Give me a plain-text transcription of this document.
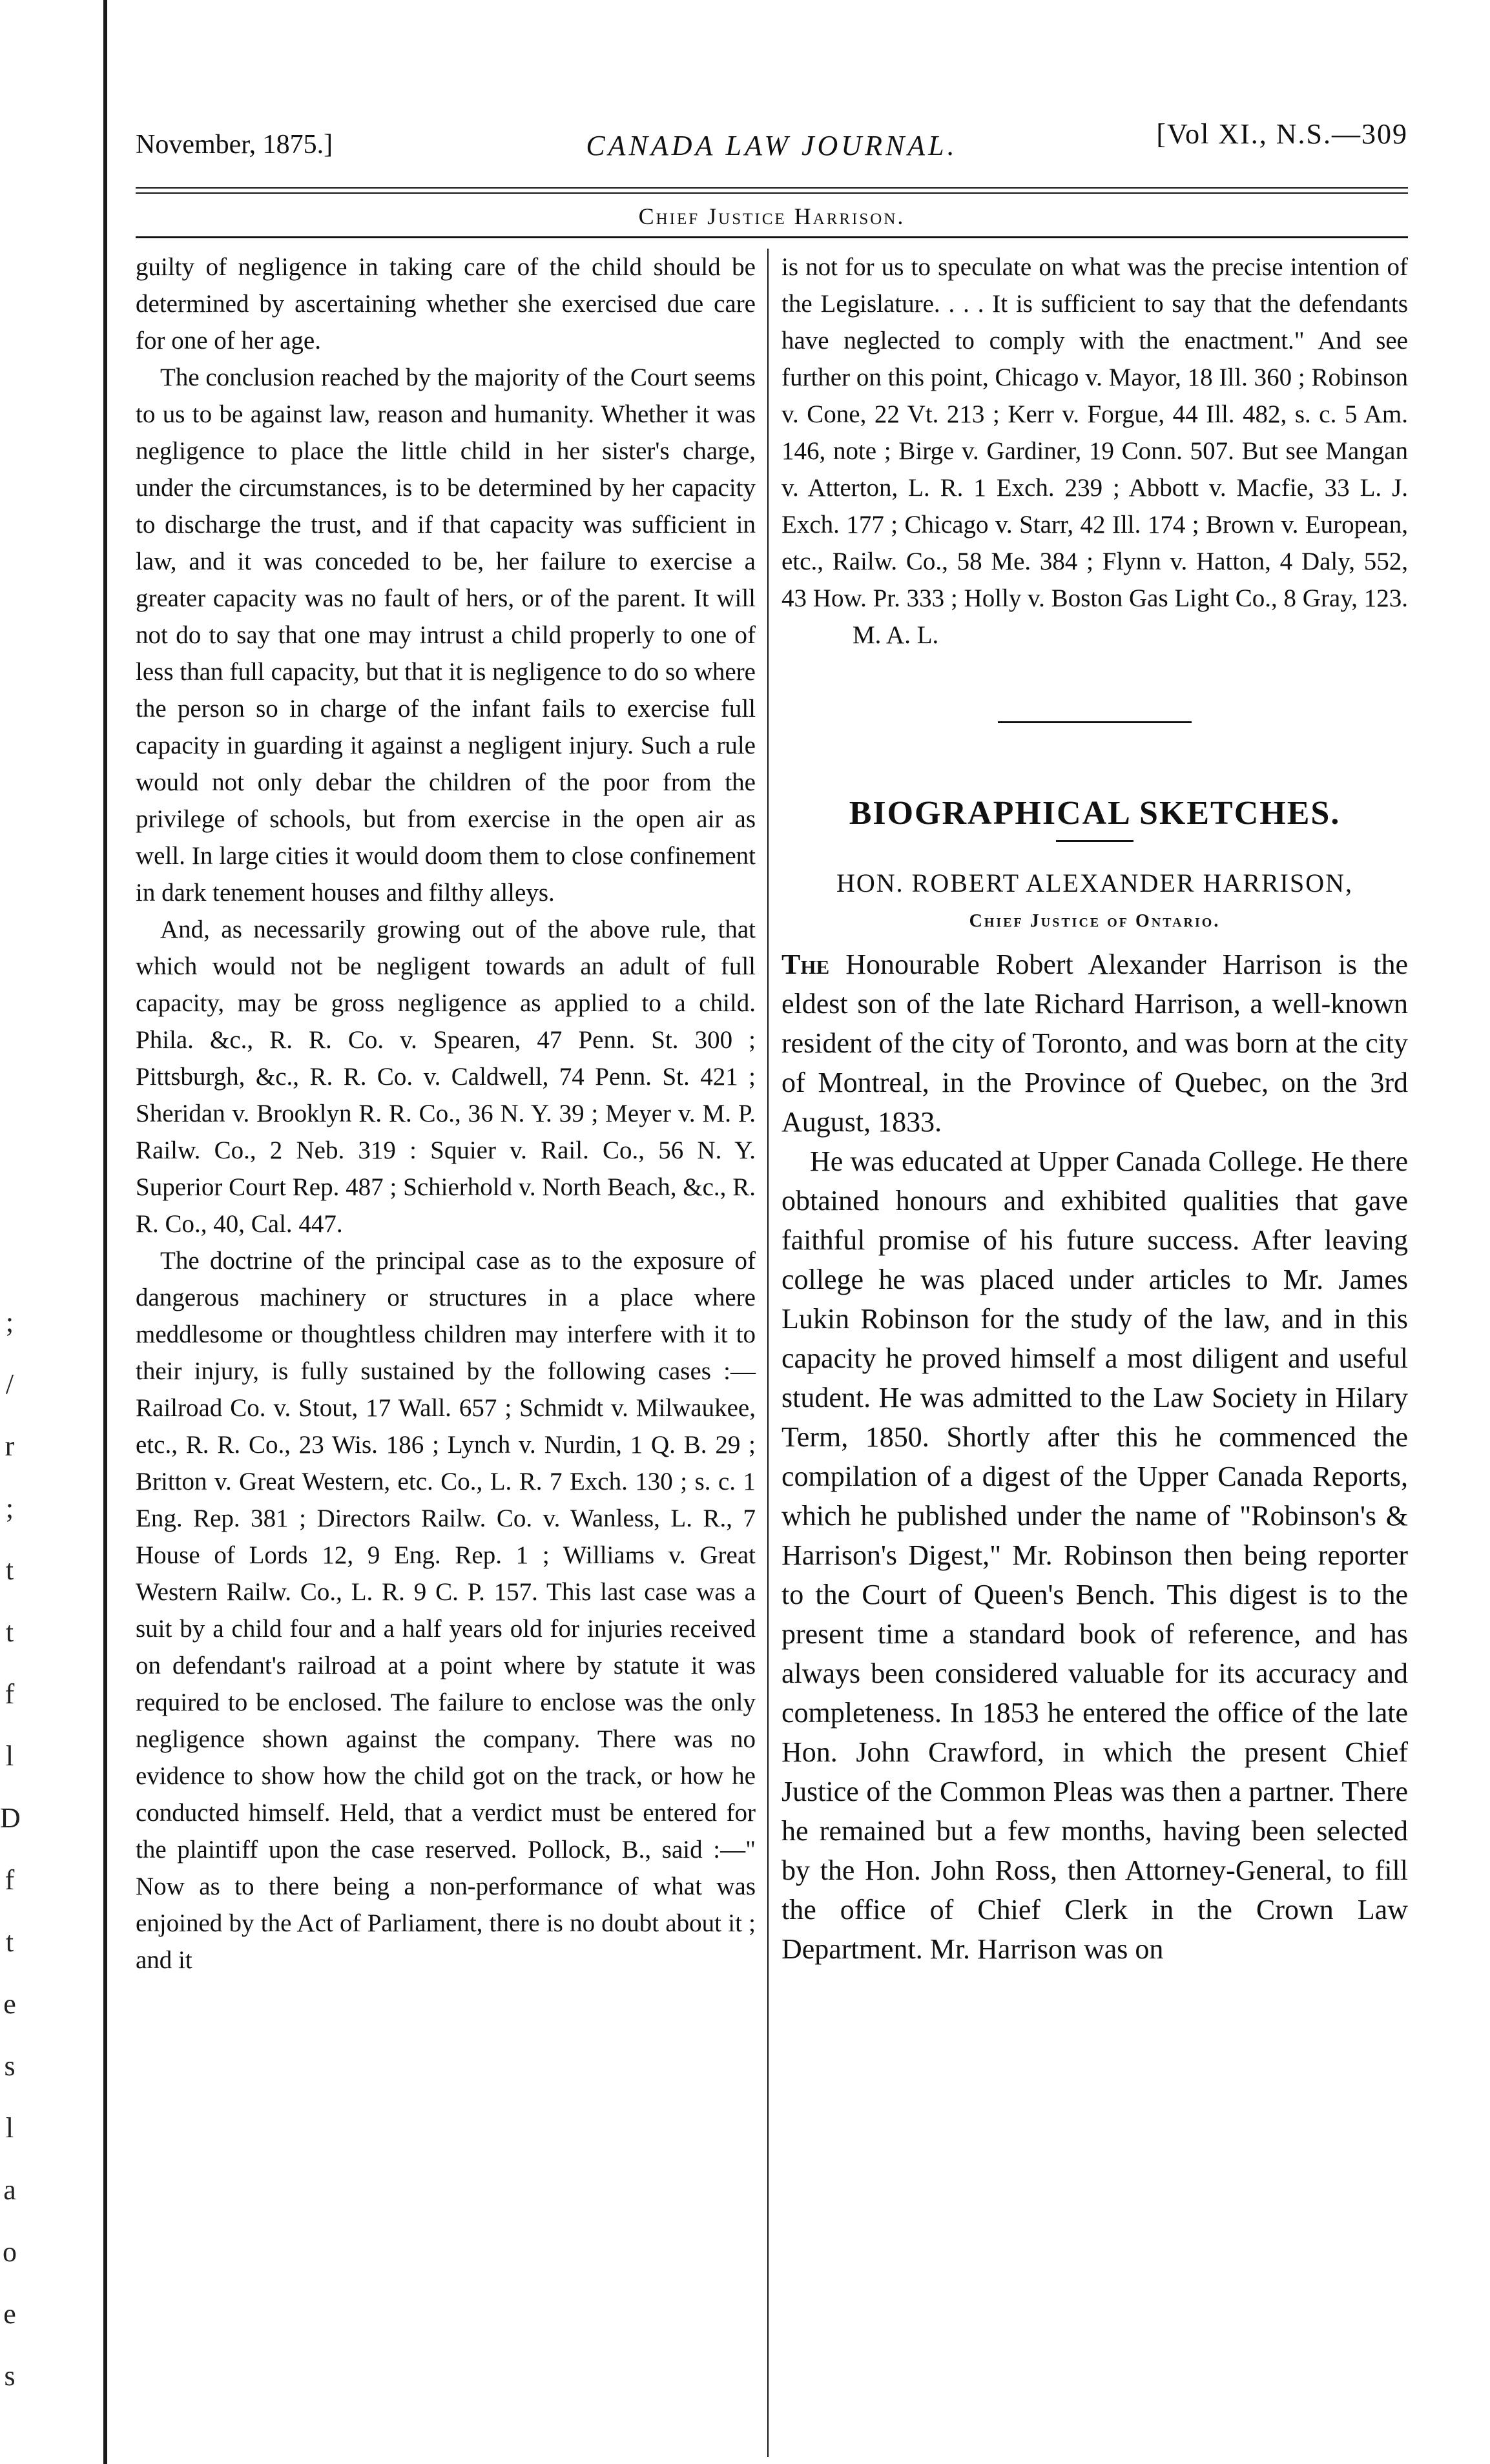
;
/
r
;
t
t
f
l
D
f
t
e
s
l
a
o
e
s
November, 1875.]	CANADA LAW JOURNAL.	[Vol XI., N.S.—309
Chief Justice Harrison.

guilty of negligence in taking care of the child should be determined by ascertaining whether she exercised due care for one of her age.

The conclusion reached by the majority of the Court seems to us to be against law, reason and humanity. Whether it was negligence to place the little child in her sister's charge, under the circumstances, is to be determined by her capacity to discharge the trust, and if that capacity was sufficient in law, and it was conceded to be, her failure to exercise a greater capacity was no fault of hers, or of the parent. It will not do to say that one may intrust a child properly to one of less than full capacity, but that it is negligence to do so where the person so in charge of the infant fails to exercise full capacity in guarding it against a negligent injury. Such a rule would not only debar the children of the poor from the privilege of schools, but from exercise in the open air as well. In large cities it would doom them to close confinement in dark tenement houses and filthy alleys.

And, as necessarily growing out of the above rule, that which would not be negligent towards an adult of full capacity, may be gross negligence as applied to a child. Phila. &c., R. R. Co. v. Spearen, 47 Penn. St. 300 ; Pittsburgh, &c., R. R. Co. v. Caldwell, 74 Penn. St. 421 ; Sheridan v. Brooklyn R. R. Co., 36 N. Y. 39 ; Meyer v. M. P. Railw. Co., 2 Neb. 319 : Squier v. Rail. Co., 56 N. Y. Superior Court Rep. 487 ; Schierhold v. North Beach, &c., R. R. Co., 40, Cal. 447.

The doctrine of the principal case as to the exposure of dangerous machinery or structures in a place where meddlesome or thoughtless children may interfere with it to their injury, is fully sustained by the following cases :—Railroad Co. v. Stout, 17 Wall. 657 ; Schmidt v. Milwaukee, etc., R. R. Co., 23 Wis. 186 ; Lynch v. Nurdin, 1 Q. B. 29 ; Britton v. Great Western, etc. Co., L. R. 7 Exch. 130 ; s. c. 1 Eng. Rep. 381 ; Directors Railw. Co. v. Wanless, L. R., 7 House of Lords 12, 9 Eng. Rep. 1 ; Williams v. Great Western Railw. Co., L. R. 9 C. P. 157. This last case was a suit by a child four and a half years old for injuries received on defendant's railroad at a point where by statute it was required to be enclosed. The failure to enclose was the only negligence shown against the company. There was no evidence to show how the child got on the track, or how he conducted himself. Held, that a verdict must be entered for the plaintiff upon the case reserved. Pollock, B., said :—" Now as to there being a non-performance of what was enjoined by the Act of Parliament, there is no doubt about it ; and it

is not for us to speculate on what was the precise intention of the Legislature. . . . It is sufficient to say that the defendants have neglected to comply with the enactment." And see further on this point, Chicago v. Mayor, 18 Ill. 360 ; Robinson v. Cone, 22 Vt. 213 ; Kerr v. Forgue, 44 Ill. 482, s. c. 5 Am. 146, note ; Birge v. Gardiner, 19 Conn. 507. But see Mangan v. Atterton, L. R. 1 Exch. 239 ; Abbott v. Macfie, 33 L. J. Exch. 177 ; Chicago v. Starr, 42 Ill. 174 ; Brown v. European, etc., Railw. Co., 58 Me. 384 ; Flynn v. Hatton, 4 Daly, 552, 43 How. Pr. 333 ; Holly v. Boston Gas Light Co., 8 Gray, 123. M. A. L.

BIOGRAPHICAL SKETCHES.
HON. ROBERT ALEXANDER HARRISON,
Chief Justice of Ontario.

The Honourable Robert Alexander Harrison is the eldest son of the late Richard Harrison, a well-known resident of the city of Toronto, and was born at the city of Montreal, in the Province of Quebec, on the 3rd August, 1833.

He was educated at Upper Canada College. He there obtained honours and exhibited qualities that gave faithful promise of his future success. After leaving college he was placed under articles to Mr. James Lukin Robinson for the study of the law, and in this capacity he proved himself a most diligent and useful student. He was admitted to the Law Society in Hilary Term, 1850. Shortly after this he commenced the compilation of a digest of the Upper Canada Reports, which he published under the name of "Robinson's & Harrison's Digest," Mr. Robinson then being reporter to the Court of Queen's Bench. This digest is to the present time a standard book of reference, and has always been considered valuable for its accuracy and completeness. In 1853 he entered the office of the late Hon. John Crawford, in which the present Chief Justice of the Common Pleas was then a partner. There he remained but a few months, having been selected by the Hon. John Ross, then Attorney-General, to fill the office of Chief Clerk in the Crown Law Department. Mr. Harrison was on
